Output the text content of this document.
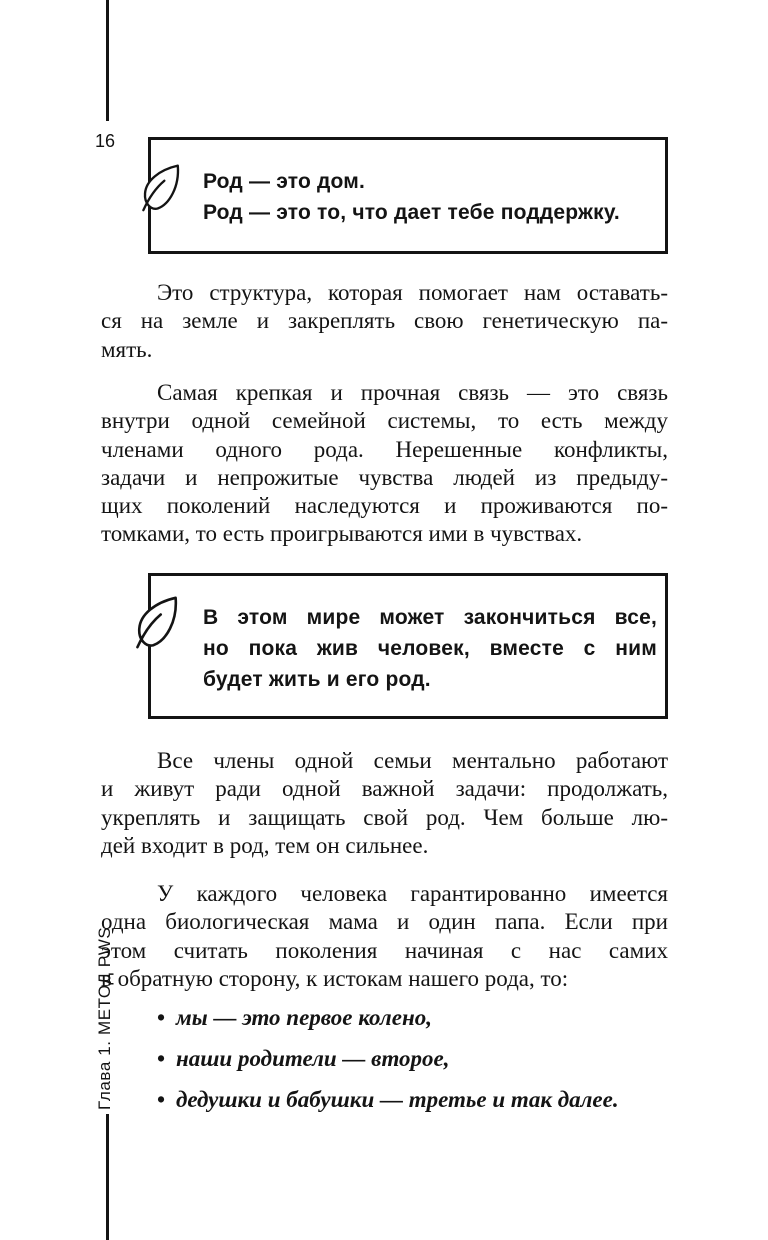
16
Род — это дом.
Род — это то, что дает тебе поддержку.
Это структура, которая помогает нам оставать-
ся на земле и закреплять свою генетическую па-
мять.
Самая крепкая и прочная связь — это связь
внутри одной семейной системы, то есть между
членами одного рода. Нерешенные конфликты,
задачи и непрожитые чувства людей из предыду-
щих поколений наследуются и проживаются по-
томками, то есть проигрываются ими в чувствах.
В этом мире может закончиться все,
но пока жив человек, вместе с ним
будет жить и его род.
Все члены одной семьи ментально работают
и живут ради одной важной задачи: продолжать,
укреплять и защищать свой род. Чем больше лю-
дей входит в род, тем он сильнее.
У каждого человека гарантированно имеется
одна биологическая мама и один папа. Если при
этом считать поколения начиная с нас самих
в обратную сторону, к истокам нашего рода, то:
• мы — это первое колено,
• наши родители — второе,
• дедушки и бабушки — третье и так далее.
Глава 1. МЕТОД PWS
